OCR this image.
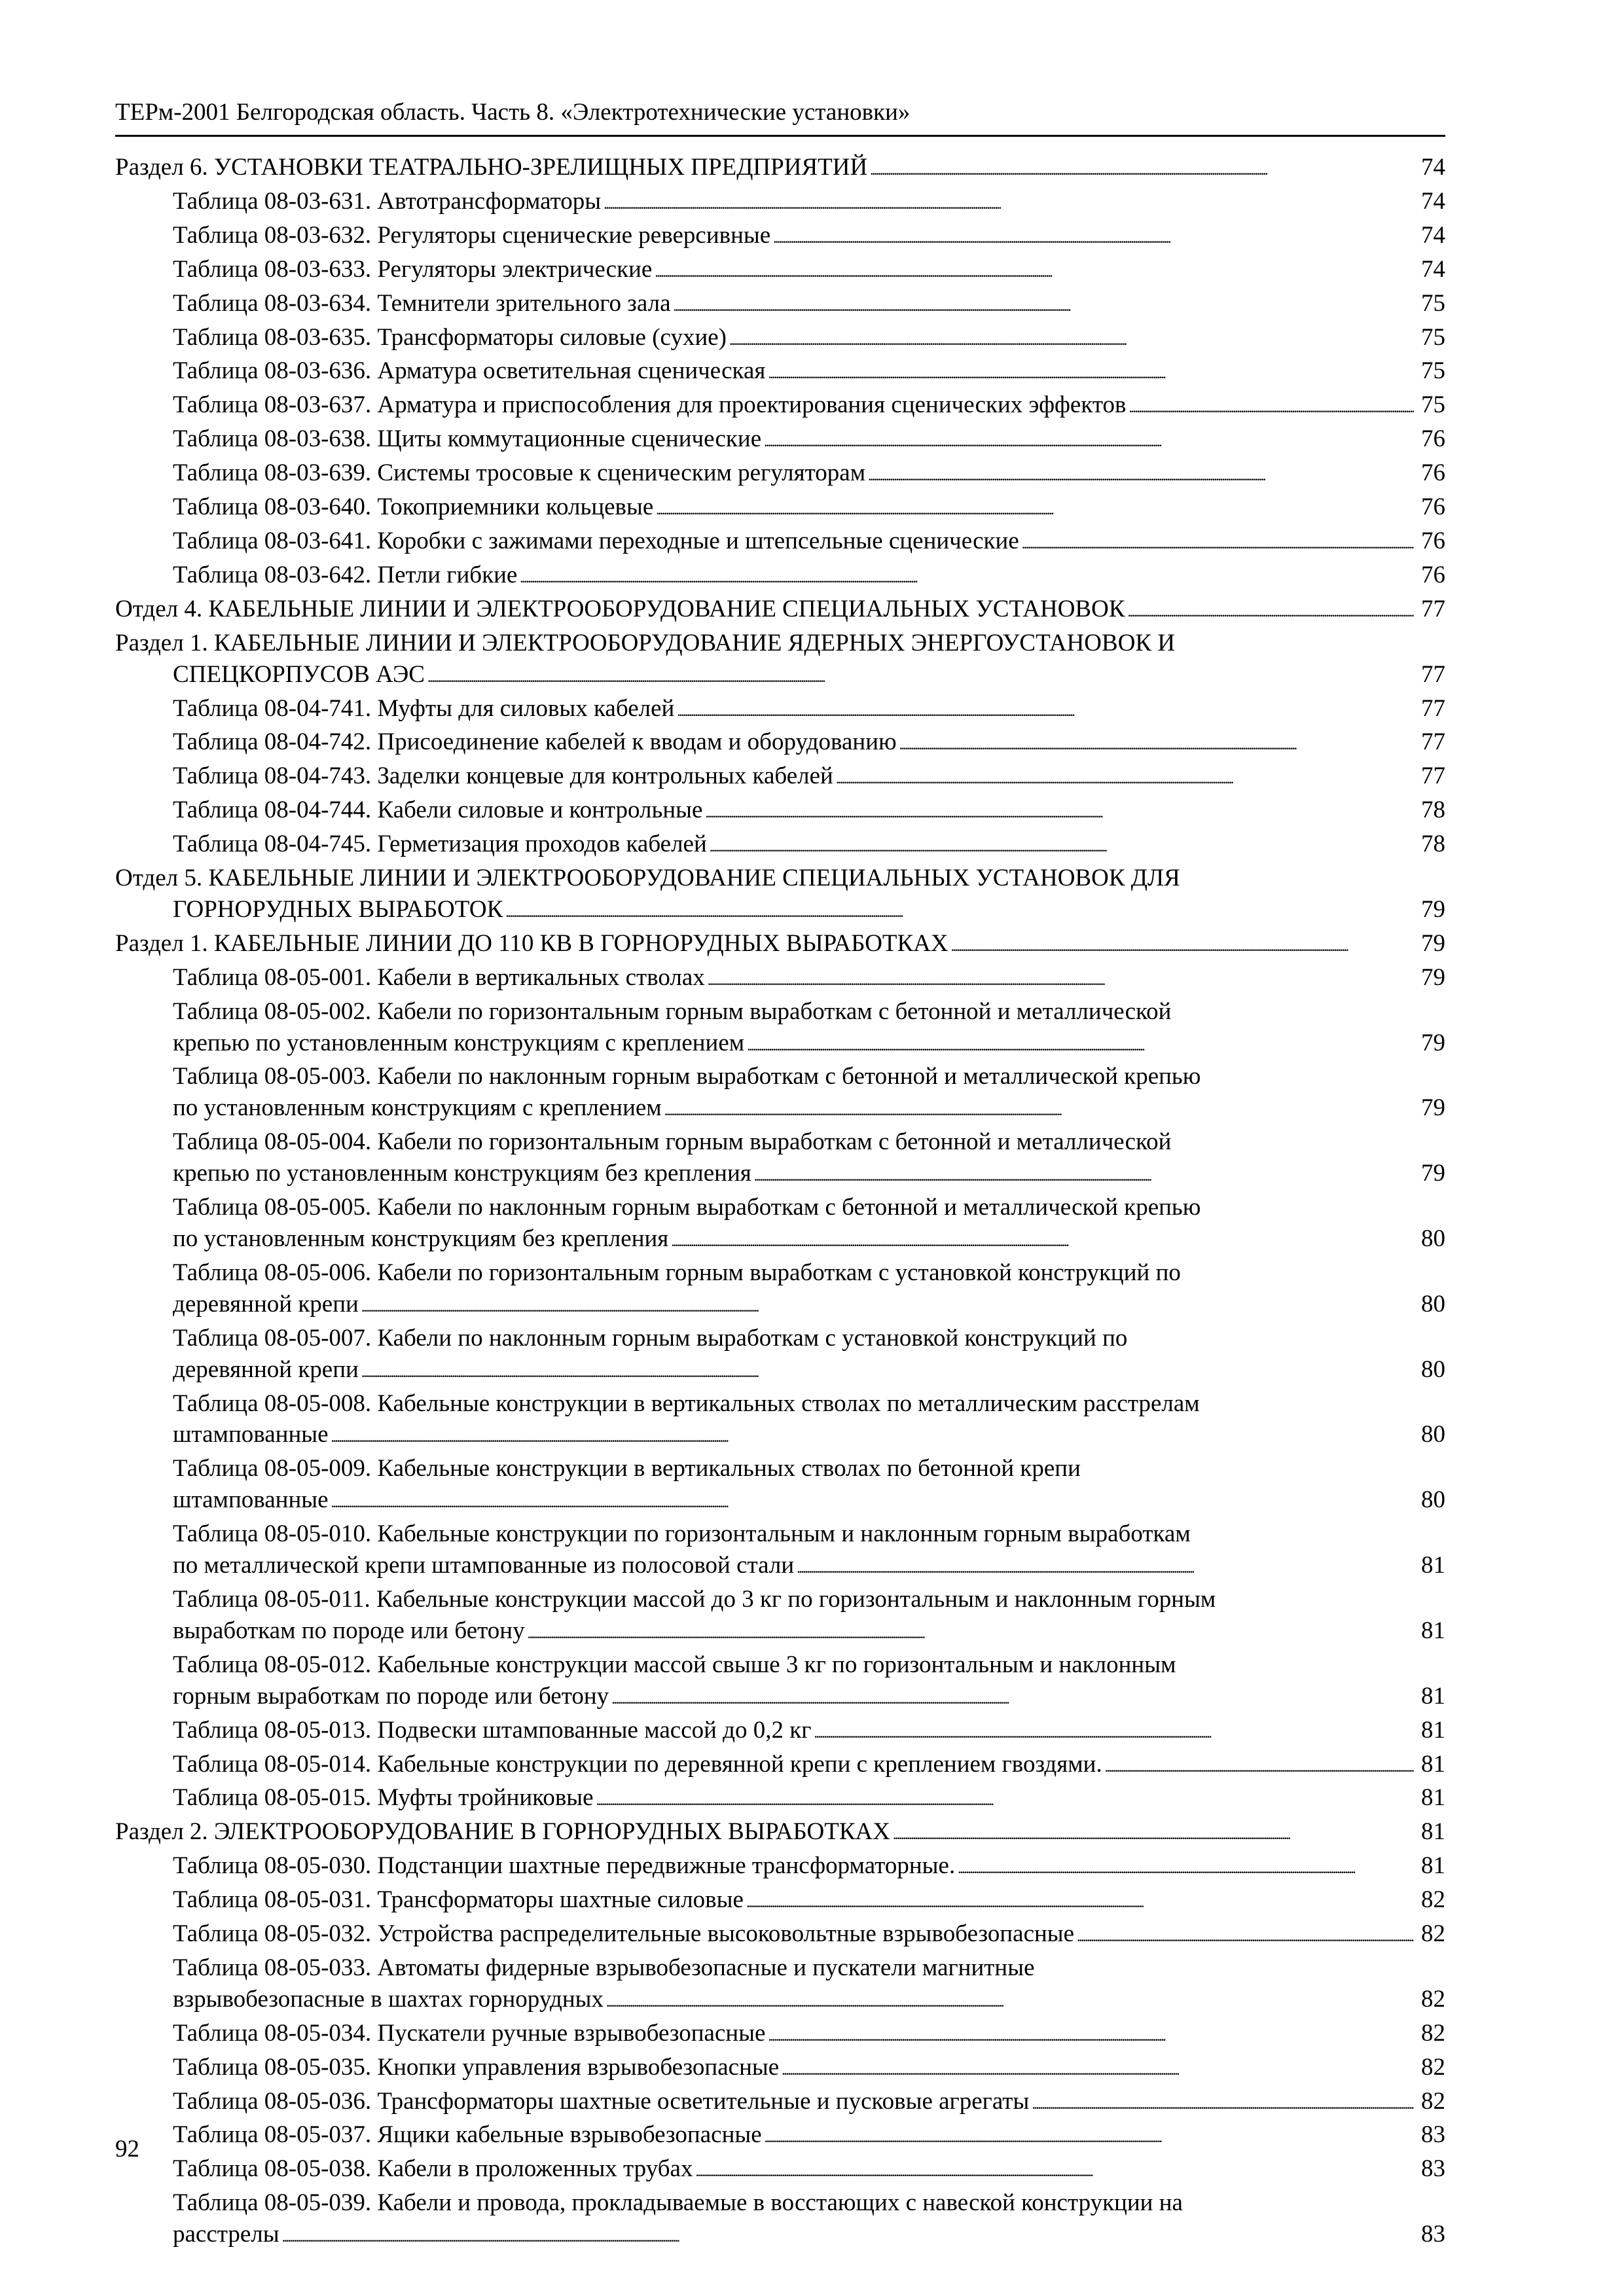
ТЕРм-2001 Белгородская область. Часть 8. «Электротехнические установки»
Раздел 6. УСТАНОВКИ ТЕАТРАЛЬНО-ЗРЕЛИЩНЫХ ПРЕДПРИЯТИЙ . . .	74
Таблица 08-03-631. Автотрансформаторы . . .	74
Таблица 08-03-632. Регуляторы сценические реверсивные . . .	74
Таблица 08-03-633. Регуляторы электрические . . .	74
Таблица 08-03-634. Темнители зрительного зала . . .	75
Таблица 08-03-635. Трансформаторы силовые (сухие) . . .	75
Таблица 08-03-636. Арматура осветительная сценическая . . .	75
Таблица 08-03-637. Арматура и приспособления для проектирования сценических эффектов . . .	75
Таблица 08-03-638. Щиты коммутационные сценические . . .	76
Таблица 08-03-639. Системы тросовые к сценическим регуляторам . . .	76
Таблица 08-03-640. Токоприемники кольцевые . . .	76
Таблица 08-03-641. Коробки с зажимами переходные и штепсельные сценические . . .	76
Таблица 08-03-642. Петли гибкие . . .	76
Отдел 4. КАБЕЛЬНЫЕ ЛИНИИ И ЭЛЕКТРООБОРУДОВАНИЕ СПЕЦИАЛЬНЫХ УСТАНОВОК . . .	77
Раздел 1. КАБЕЛЬНЫЕ ЛИНИИ И ЭЛЕКТРООБОРУДОВАНИЕ ЯДЕРНЫХ ЭНЕРГОУСТАНОВОК И
СПЕЦКОРПУСОВ АЭС . . .	77
Таблица 08-04-741. Муфты для силовых кабелей . . .	77
Таблица 08-04-742. Присоединение кабелей к вводам и оборудованию . . .	77
Таблица 08-04-743. Заделки концевые для контрольных кабелей . . .	77
Таблица 08-04-744. Кабели силовые и контрольные . . .	78
Таблица 08-04-745. Герметизация проходов кабелей . . .	78
Отдел 5. КАБЕЛЬНЫЕ ЛИНИИ И ЭЛЕКТРООБОРУДОВАНИЕ СПЕЦИАЛЬНЫХ УСТАНОВОК ДЛЯ
ГОРНОРУДНЫХ ВЫРАБОТОК . . .	79
Раздел 1. КАБЕЛЬНЫЕ ЛИНИИ ДО 110 КВ В ГОРНОРУДНЫХ ВЫРАБОТКАХ . . .	79
Таблица 08-05-001. Кабели в вертикальных стволах . . .	79
Таблица 08-05-002. Кабели по горизонтальным горным выработкам с бетонной и металлической
крепью по установленным конструкциям с креплением . . .	79
Таблица 08-05-003. Кабели по наклонным горным выработкам с бетонной и металлической крепью
по установленным конструкциям с креплением . . .	79
Таблица 08-05-004. Кабели по горизонтальным горным выработкам с бетонной и металлической
крепью по установленным конструкциям без крепления . . .	79
Таблица 08-05-005. Кабели по наклонным горным выработкам с бетонной и металлической крепью
по установленным конструкциям без крепления . . .	80
Таблица 08-05-006. Кабели по горизонтальным горным выработкам с установкой конструкций по
деревянной крепи . . .	80
Таблица 08-05-007. Кабели по наклонным горным выработкам с установкой конструкций по
деревянной крепи . . .	80
Таблица 08-05-008. Кабельные конструкции в вертикальных стволах по металлическим расстрелам
штампованные . . .	80
Таблица 08-05-009. Кабельные конструкции в вертикальных стволах по бетонной крепи
штампованные . . .	80
Таблица 08-05-010. Кабельные конструкции по горизонтальным и наклонным горным выработкам
по металлической крепи штампованные из полосовой стали . . .	81
Таблица 08-05-011. Кабельные конструкции массой до 3 кг по горизонтальным и наклонным горным
выработкам по породе или бетону . . .	81
Таблица 08-05-012. Кабельные конструкции массой свыше 3 кг по горизонтальным и наклонным
горным выработкам по породе или бетону . . .	81
Таблица 08-05-013. Подвески штампованные массой до 0,2 кг . . .	81
Таблица 08-05-014. Кабельные конструкции по деревянной крепи с креплением гвоздями. . . .	81
Таблица 08-05-015. Муфты тройниковые . . .	81
Раздел 2. ЭЛЕКТРООБОРУДОВАНИЕ В ГОРНОРУДНЫХ ВЫРАБОТКАХ . . .	81
Таблица 08-05-030. Подстанции шахтные передвижные трансформаторные. . . .	81
Таблица 08-05-031. Трансформаторы шахтные силовые . . .	82
Таблица 08-05-032. Устройства распределительные высоковольтные взрывобезопасные . . .	82
Таблица 08-05-033. Автоматы фидерные взрывобезопасные и пускатели магнитные
взрывобезопасные в шахтах горнорудных . . .	82
Таблица 08-05-034. Пускатели ручные взрывобезопасные . . .	82
Таблица 08-05-035. Кнопки управления взрывобезопасные . . .	82
Таблица 08-05-036. Трансформаторы шахтные осветительные и пусковые агрегаты . . .	82
Таблица 08-05-037. Ящики кабельные взрывобезопасные . . .	83
Таблица 08-05-038. Кабели в проложенных трубах . . .	83
Таблица 08-05-039. Кабели и провода, прокладываемые в восстающих с навеской конструкции на
расстрелы . . .	83
92
